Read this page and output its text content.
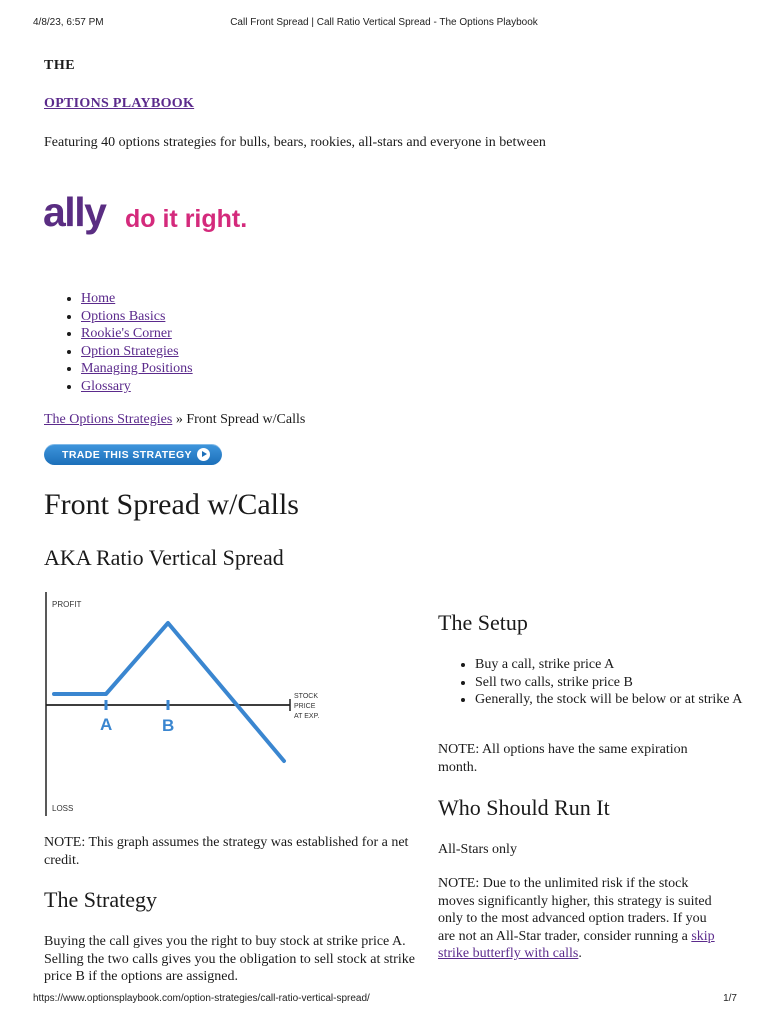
4/8/23, 6:57 PM	Call Front Spread | Call Ratio Vertical Spread - The Options Playbook
THE
OPTIONS PLAYBOOK
Featuring 40 options strategies for bulls, bears, rookies, all-stars and everyone in between
ally do it right.
• Home
• Options Basics
• Rookie's Corner
• Option Strategies
• Managing Positions
• Glossary
The Options Strategies » Front Spread w/Calls
TRADE THIS STRATEGY
Front Spread w/Calls
AKA Ratio Vertical Spread
PROFIT
LOSS
STOCK
PRICE
AT EXP.
A	B
NOTE: This graph assumes the strategy was established for a net credit.
The Strategy
Buying the call gives you the right to buy stock at strike price A. Selling the two calls gives you the obligation to sell stock at strike price B if the options are assigned.
The Setup
• Buy a call, strike price A
• Sell two calls, strike price B
• Generally, the stock will be below or at strike A
NOTE: All options have the same expiration month.
Who Should Run It
All-Stars only
NOTE: Due to the unlimited risk if the stock moves significantly higher, this strategy is suited only to the most advanced option traders. If you are not an All-Star trader, consider running a skip strike butterfly with calls.
https://www.optionsplaybook.com/option-strategies/call-ratio-vertical-spread/	1/7
